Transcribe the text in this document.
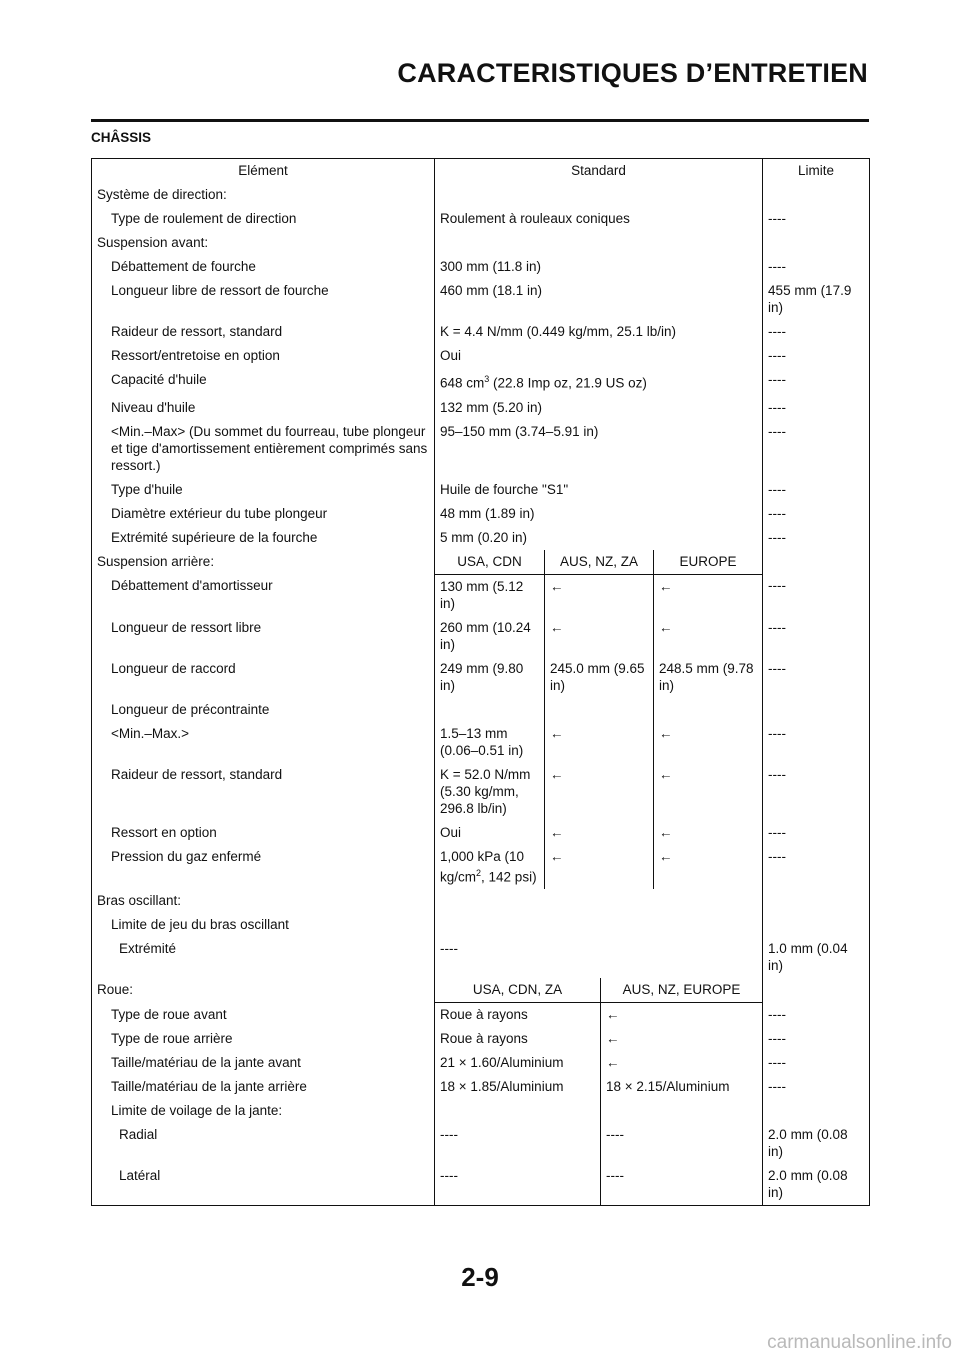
CARACTERISTIQUES D’ENTRETIEN
CHÂSSIS
Elément	Standard				Limite
Système de direction:					
Type de roulement de direction	Roulement à rouleaux coniques				----
Suspension avant:					
Débattement de fourche	300 mm (11.8 in)				----
Longueur libre de ressort de fourche	460 mm (18.1 in)				455 mm (17.9 in)
Raideur de ressort, standard	K = 4.4 N/mm (0.449 kg/mm, 25.1 lb/in)				----
Ressort/entretoise en option	Oui				----
Capacité d'huile	648 $cm^3$ (22.8 Imp oz, 21.9 US oz)				----
Niveau d'huile	132 mm (5.20 in)				----
<Min.–Max> (Du sommet du fourreau, tube plongeur et tige d'amortissement entièrement comprimés sans ressort.)	95–150 mm (3.74–5.91 in)				----
Type d'huile	Huile de fourche "S1"				----
Diamètre extérieur du tube plongeur	48 mm (1.89 in)				----
Extrémité supérieure de la fourche	5 mm (0.20 in)				----
Suspension arrière:	USA, CDN	AUS, NZ, ZA		EUROPE	
Débattement d'amortisseur	130 mm (5.12 in)	←		←	----
Longueur de ressort libre	260 mm (10.24 in)	←		←	----
Longueur de raccord	249 mm (9.80 in)	245.0 mm (9.65 in)		248.5 mm (9.78 in)	----
Longueur de précontrainte					
<Min.–Max.>	1.5–13 mm (0.06–0.51 in)	←		←	----
Raideur de ressort, standard	K = 52.0 N/mm (5.30 kg/mm, 296.8 lb/in)	←		←	----
Ressort en option	Oui	←		←	----
Pression du gaz enfermé	1,000 kPa (10 $kg/cm^2$, 142 psi)	←		←	----
Bras oscillant:					
Limite de jeu du bras oscillant					
Extrémité	----				1.0 mm (0.04 in)
Roue:	USA, CDN, ZA		AUS, NZ, EUROPE		
Type de roue avant	Roue à rayons		←		----
Type de roue arrière	Roue à rayons		←		----
Taille/matériau de la jante avant	21 × 1.60/Aluminium		←		----
Taille/matériau de la jante arrière	18 × 1.85/Aluminium		18 × 2.15/Aluminium		----
Limite de voilage de la jante:					
Radial	----		----		2.0 mm (0.08 in)
Latéral	----		----		2.0 mm (0.08 in)
2-9
carmanualsonline.info
